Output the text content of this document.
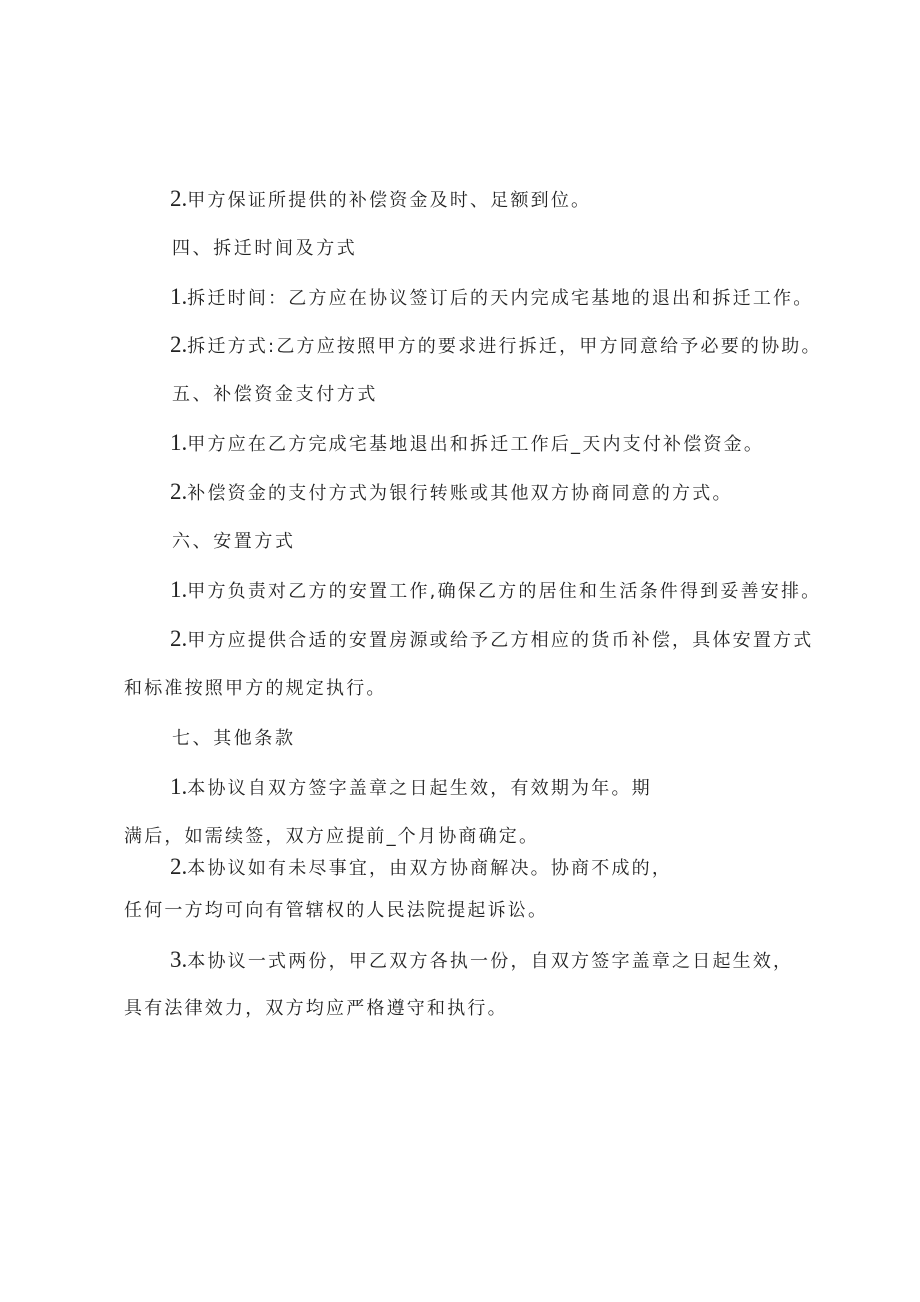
2.甲方保证所提供的补偿资金及时、足额到位。
四、拆迁时间及方式
1.拆迁时间：乙方应在协议签订后的天内完成宅基地的退出和拆迁工作。
2.拆迁方式:乙方应按照甲方的要求进行拆迁，甲方同意给予必要的协助。
五、补偿资金支付方式
1.甲方应在乙方完成宅基地退出和拆迁工作后_天内支付补偿资金。
2.补偿资金的支付方式为银行转账或其他双方协商同意的方式。
六、安置方式
1.甲方负责对乙方的安置工作,确保乙方的居住和生活条件得到妥善安排。
2.甲方应提供合适的安置房源或给予乙方相应的货币补偿，具体安置方式
和标准按照甲方的规定执行。
七、其他条款
1.本协议自双方签字盖章之日起生效，有效期为年。期
满后，如需续签，双方应提前_个月协商确定。
2.本协议如有未尽事宜，由双方协商解决。协商不成的，
任何一方均可向有管辖权的人民法院提起诉讼。
3.本协议一式两份，甲乙双方各执一份，自双方签字盖章之日起生效，
具有法律效力，双方均应严格遵守和执行。
